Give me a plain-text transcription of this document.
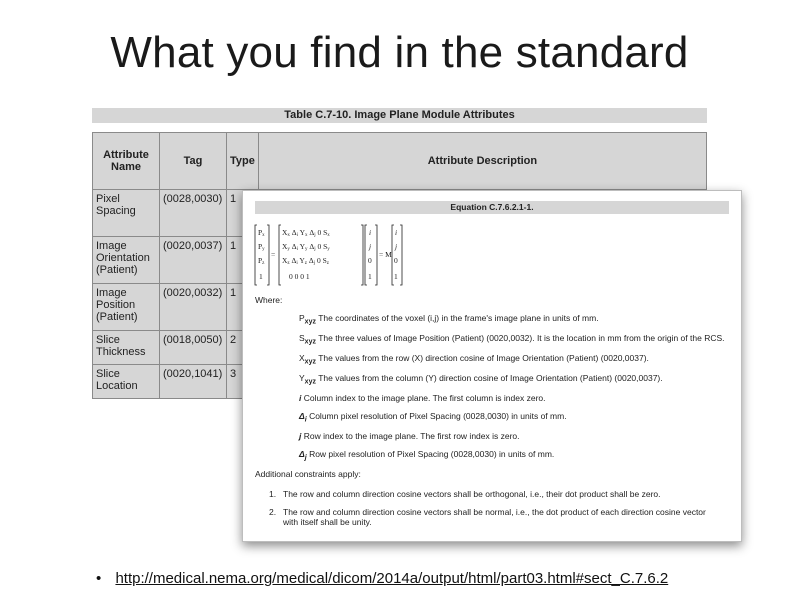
What you find in the standard
Table C.7-10. Image Plane Module Attributes
Attribute Name	Tag	Type	Attribute Description
Pixel Spacing	(0028,0030)	1	
Image Orientation (Patient)	(0020,0037)	1	
Image Position (Patient)	(0020,0032)	1	
Slice Thickness	(0018,0050)	2	
Slice Location	(0020,1041)	3	
Equation C.7.6.2.1-1.
Px
Py
Pz
1
=
Xx Δi Yx Δj 0 Sx
Xy Δi Yy Δj 0 Sy
Xz Δi Yz Δj 0 Sz
0 0 0 1
i
j
0
1
= M
i
j
0
1
Where:
$P_{xyz}$ The coordinates of the voxel (i,j) in the frame's image plane in units of mm.
$S_{xyz}$ The three values of Image Position (Patient) (0020,0032). It is the location in mm from the origin of the RCS.
$X_{xyz}$ The values from the row (X) direction cosine of Image Orientation (Patient) (0020,0037).
$Y_{xyz}$ The values from the column (Y) direction cosine of Image Orientation (Patient) (0020,0037).
i Column index to the image plane. The first column is index zero.
$\Delta_i$ Column pixel resolution of Pixel Spacing (0028,0030) in units of mm.
j Row index to the image plane. The first row index is zero.
$\Delta_j$ Row pixel resolution of Pixel Spacing (0028,0030) in units of mm.
Additional constraints apply:
1. The row and column direction cosine vectors shall be orthogonal, i.e., their dot product shall be zero.
2. The row and column direction cosine vectors shall be normal, i.e., the dot product of each direction cosine vector with itself shall be unity.
• http://medical.nema.org/medical/dicom/2014a/output/html/part03.html#sect_C.7.6.2
